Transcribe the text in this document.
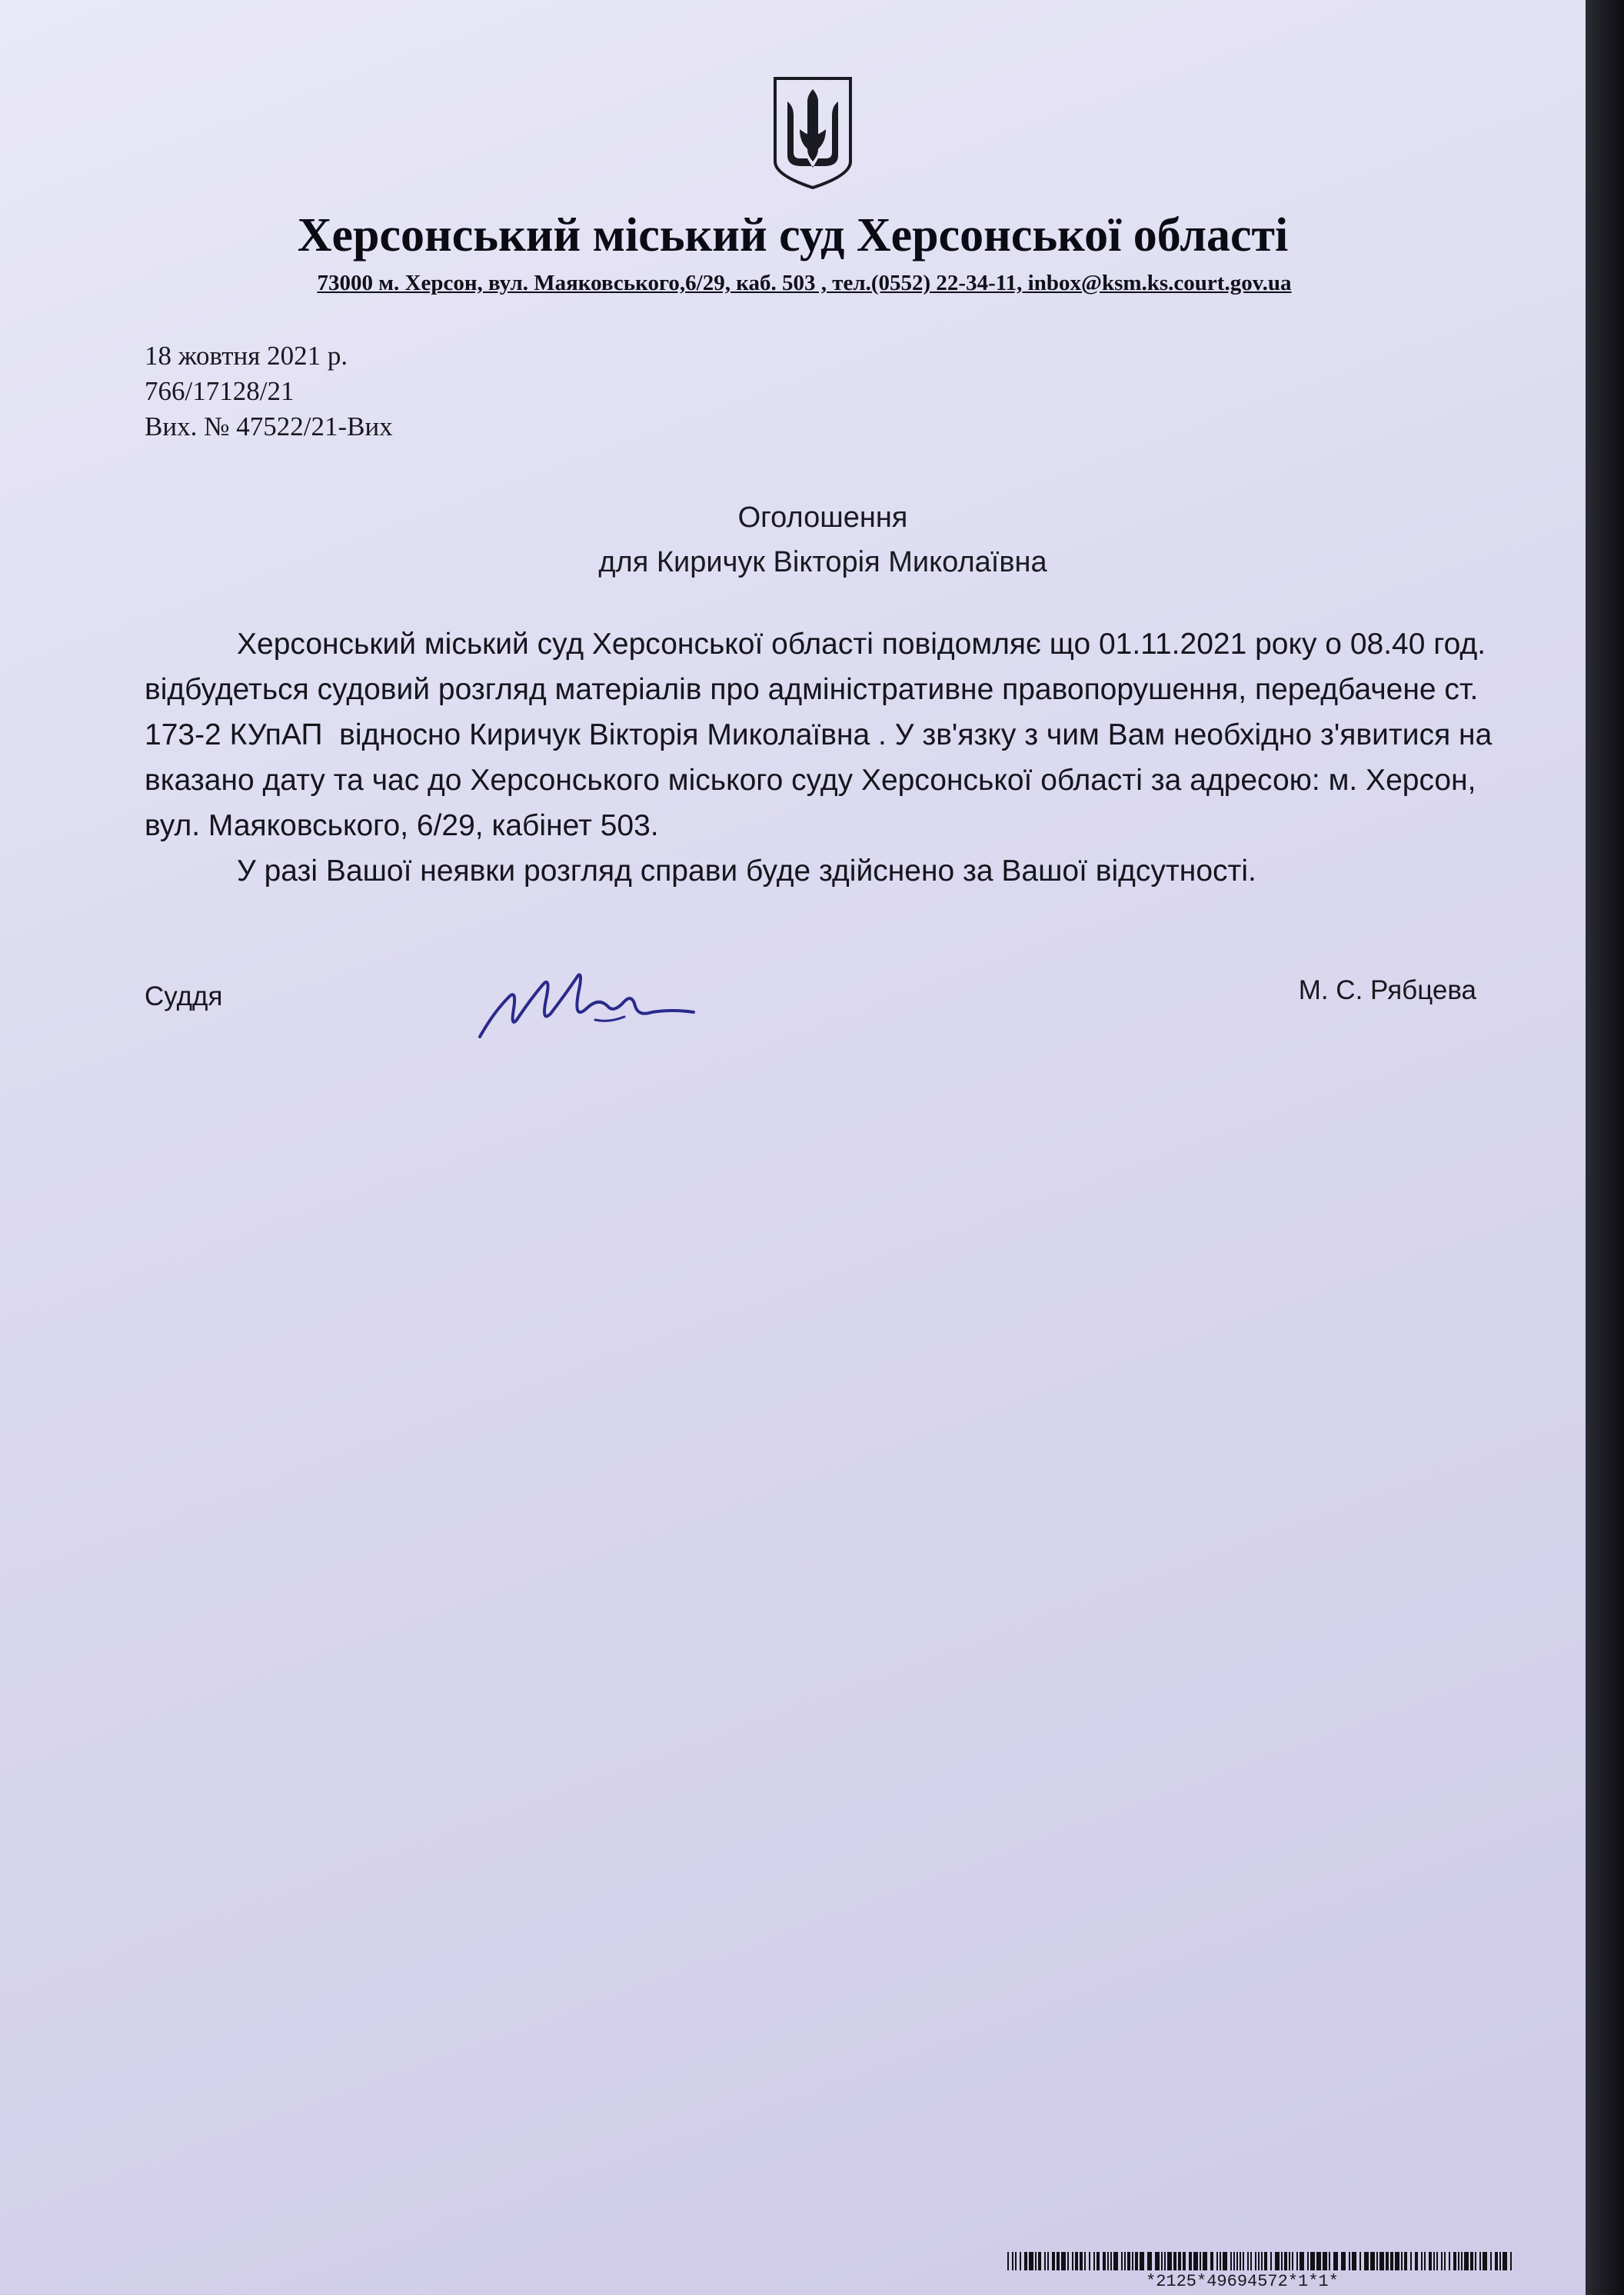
Херсонський міський суд Херсонської області

73000 м. Херсон, вул. Маяковського,6/29, каб. 503 , тел.(0552) 22-34-11, inbox@ksm.ks.court.gov.ua

18 жовтня 2021 р.
766/17128/21
Вих. № 47522/21-Вих
Оголошення
для Киричук Вікторія Миколаївна

Херсонський міський суд Херсонської області повідомляє що 01.11.2021 року о 08.40 год.   відбудеться судовий розгляд матеріалів про адміністративне правопорушення, передбачене ст.  173-2 КУпАП  відносно Киричук Вікторія Миколаївна . У зв'язку з чим Вам необхідно з'явитися на вказано дату та час до Херсонського міського суду Херсонської області за адресою: м. Херсон, вул. Маяковського, 6/29, кабінет 503.

У разі Вашої неявки розгляд справи буде здійснено за Вашої відсутності.

Суддя	М. С. Рябцева
*2125*49694572*1*1*
